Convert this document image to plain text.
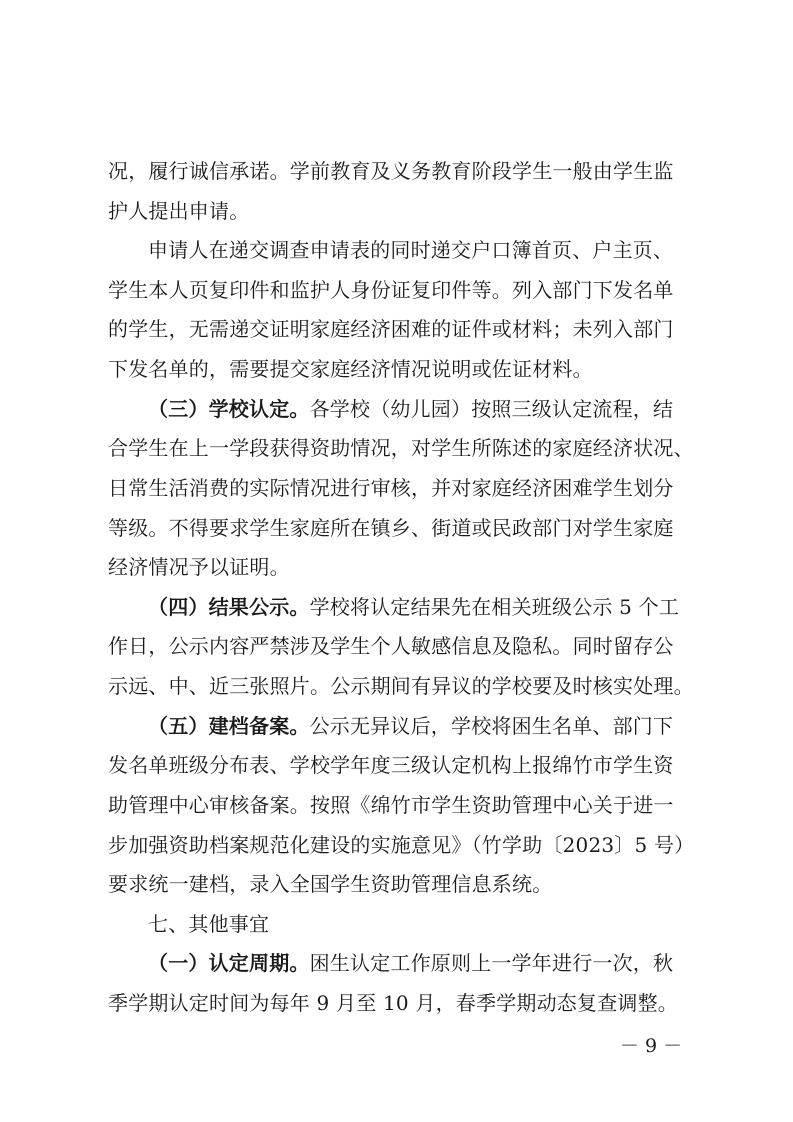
况，履行诚信承诺。学前教育及义务教育阶段学生一般由学生监
护人提出申请。
申请人在递交调查申请表的同时递交户口簿首页、户主页、
学生本人页复印件和监护人身份证复印件等。列入部门下发名单
的学生，无需递交证明家庭经济困难的证件或材料；未列入部门
下发名单的，需要提交家庭经济情况说明或佐证材料。
（三）学校认定。各学校（幼儿园）按照三级认定流程，结
合学生在上一学段获得资助情况，对学生所陈述的家庭经济状况、
日常生活消费的实际情况进行审核，并对家庭经济困难学生划分
等级。不得要求学生家庭所在镇乡、街道或民政部门对学生家庭
经济情况予以证明。
（四）结果公示。学校将认定结果先在相关班级公示 5 个工
作日，公示内容严禁涉及学生个人敏感信息及隐私。同时留存公
示远、中、近三张照片。公示期间有异议的学校要及时核实处理。
（五）建档备案。公示无异议后，学校将困生名单、部门下
发名单班级分布表、学校学年度三级认定机构上报绵竹市学生资
助管理中心审核备案。按照《绵竹市学生资助管理中心关于进一
步加强资助档案规范化建设的实施意见》（竹学助〔2023〕5 号）
要求统一建档，录入全国学生资助管理信息系统。
七、其他事宜
（一）认定周期。困生认定工作原则上一学年进行一次，秋
季学期认定时间为每年 9 月至 10 月，春季学期动态复查调整。
－ 9 －
